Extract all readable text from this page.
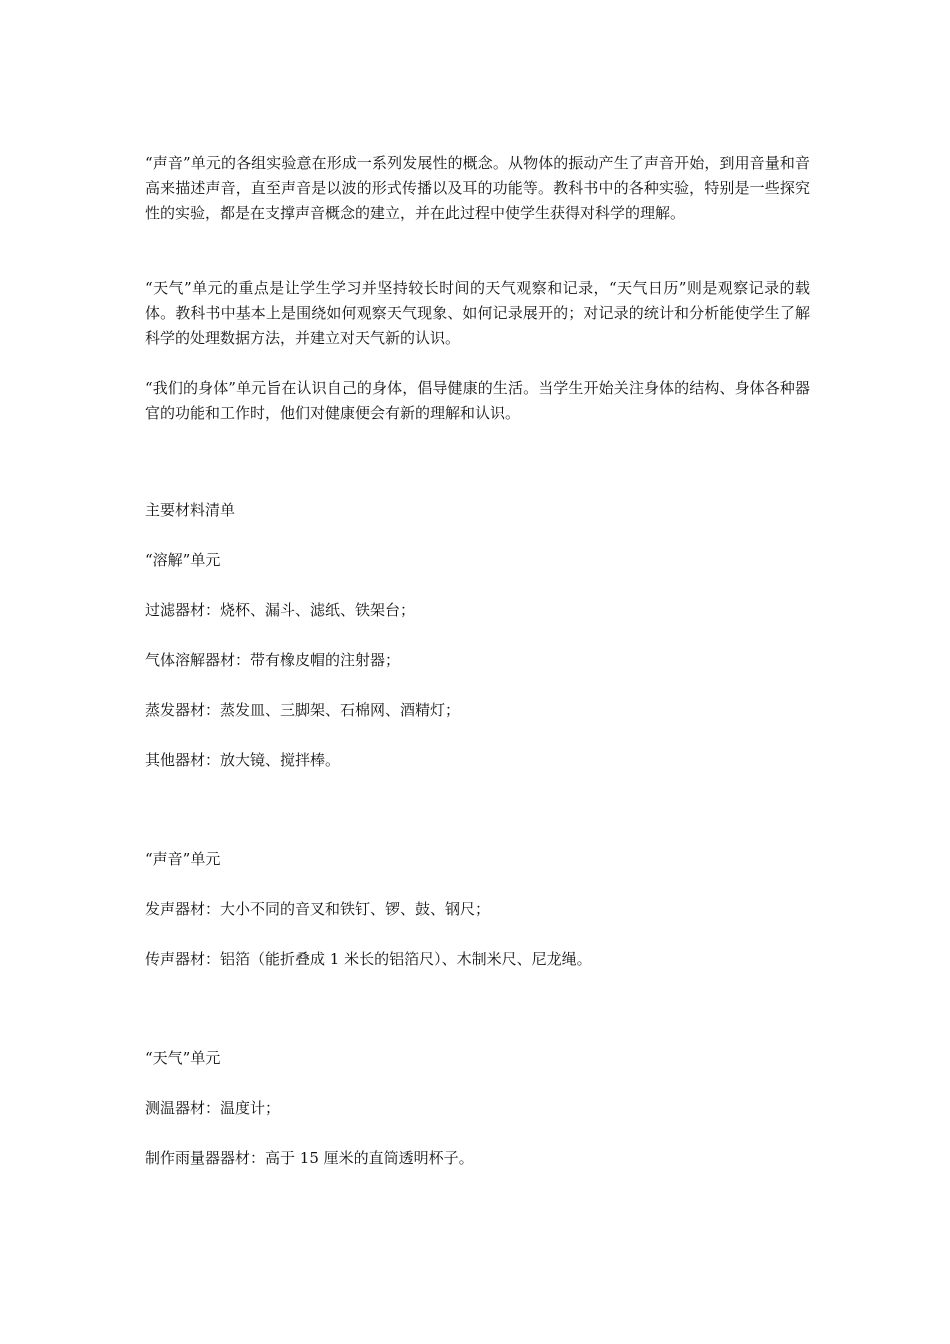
“声音”单元的各组实验意在形成一系列发展性的概念。从物体的振动产生了声音开始，到用音量和音高来描述声音，直至声音是以波的形式传播以及耳的功能等。教科书中的各种实验，特别是一些探究性的实验，都是在支撑声音概念的建立，并在此过程中使学生获得对科学的理解。

“天气”单元的重点是让学生学习并坚持较长时间的天气观察和记录，“天气日历”则是观察记录的载体。教科书中基本上是围绕如何观察天气现象、如何记录展开的；对记录的统计和分析能使学生了解科学的处理数据方法，并建立对天气新的认识。

“我们的身体”单元旨在认识自己的身体，倡导健康的生活。当学生开始关注身体的结构、身体各种器官的功能和工作时，他们对健康便会有新的理解和认识。

主要材料清单
“溶解”单元
过滤器材：烧杯、漏斗、滤纸、铁架台；
气体溶解器材：带有橡皮帽的注射器；
蒸发器材：蒸发皿、三脚架、石棉网、酒精灯；
其他器材：放大镜、搅拌棒。
“声音”单元
发声器材：大小不同的音叉和铁钉、锣、鼓、钢尺；
传声器材：铝箔（能折叠成 1 米长的铝箔尺）、木制米尺、尼龙绳。
“天气”单元
测温器材：温度计；
制作雨量器器材：高于 15 厘米的直筒透明杯子。
